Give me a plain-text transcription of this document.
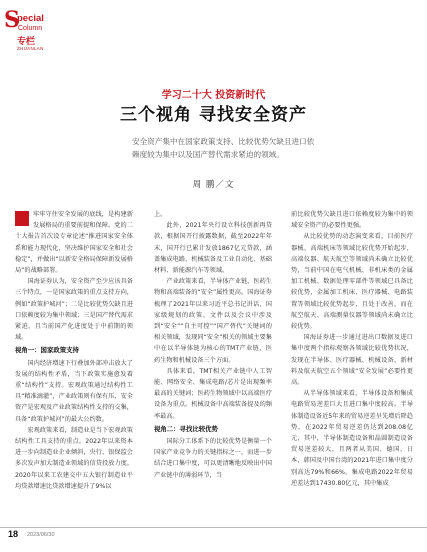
S
pecial
Column
专栏
ZHUANLAN
学习二十大 投资新时代
三个视角 寻找安全资产
安全资产集中在国家政策支持、比较优势欠缺且进口依赖度较为集中以及国产替代需求紧迫的领域。
周 鹏／文

牢牢守住安全发展的底线，是构建新发展格局的重要前提和保障。党的二十大报告首次设专章论述“推进国家安全体系和能力现代化，坚决维护国家安全和社会稳定”，并做出“以新安全格局保障新发展格局”的战略部署。

国海证券认为，安全资产至少应该具备三个特点，一是国家政策的重点支持方向，例如“政策护城河”；二是比较优势欠缺且进口依赖度较为集中领域；三是国产替代需求紧迫，且当前国产化进度处于中前期的领域。

视角一：国家政策支持

国内经济增速下行叠加外部冲击放大了发展的结构性矛盾，当下政策实施愈发着重“结构性”支持。宏观政策通过结构性工具“精准滴灌”，产业政策则有保有压，安全资产是宏观及产业政策结构性支持的交集，具备“政策护城河”的最大公约数。

宏观政策来看，制造业是当下宏观政策结构性工具支持的重点。2022年以来资本进一步向制造业企业倾斜，央行、银保监会多次发声加大制造业领域的信贷投放力度。2020年以来工农建交中五大银行制造业平均贷款增速比贷款增速提升了9%以

上。

此外，2021年央行设立科技创新再贷款，根据国开行披露数据，截至2022年年末，国开行已累计发放1867亿元贷款，涵盖集成电路、机械装备及工业自动化、基础材料、新能源汽车等领域。

产业政策来看，半导体产业链、医药生物和高端装备的“安全”属性更高。国海证券梳理了2021年以来习近平总书记讲话、国家级规划的政策、文件以及会议中涉及到“安全”“自主可控”“国产替代”关键词的相关领域，发现同“安全”相关的领域主要集中在以半导体链为核心的TMT产业链、医药生物和机械设备三个方面。

具体来看，TMT相关产业链中人工智能、网络安全、集成电路/芯片是出现频率最高的关键词；医药生物领域中以高端医疗设备为重点。机械设备中高端装备提及的频率最高。

视角二：寻找比较优势

国际分工体系下的比较优势是衡量一个国家产业竞争力的关键指标之一，而进一步结合进口集中度，可以更清晰地反映出中国产业链中的薄弱环节，当

前比较优势欠缺且进口依赖度较为集中的领域安全资产的必要性更强。

从比较优势的动态演变来看，目前医疗器械、高端机床等领域比较优势开始起步，高端仪器、航天航空等领域尚未确立比较优势，当前中国在电气机械、非机床类的金属加工机械、数据处理零部件等领域已具备比较优势，金属加工机床、医疗器械、电路装置等领域比较优势起步，且处于改善，而在航空航天、高端测量仪器等领域尚未确立比较优势。

国海证券进一步通过进出口数据及进口集中度两个指标观察各领域比较优势状况，发现在半导体、医疗器械、机械设备、新材料及航天航空五个领域“安全发展”必要性更高。

从半导体领域来看，半导体设备和集成电路贸易逆差巨大且进口集中度较高。半导体制造设备近5年来的贸易逆差呈先增后降趋势，在2022年贸易逆差仍达到208.08亿元，其中，半导体制造设备和晶圆制造设备贸易逆差较大，且两者从美国、德国、日本、韩国及中国台湾的2021年进口集中度分别高达79%和66%。集成电路2022年贸易逆差达到17430.80亿元，其中集成

18 2023/06/30
